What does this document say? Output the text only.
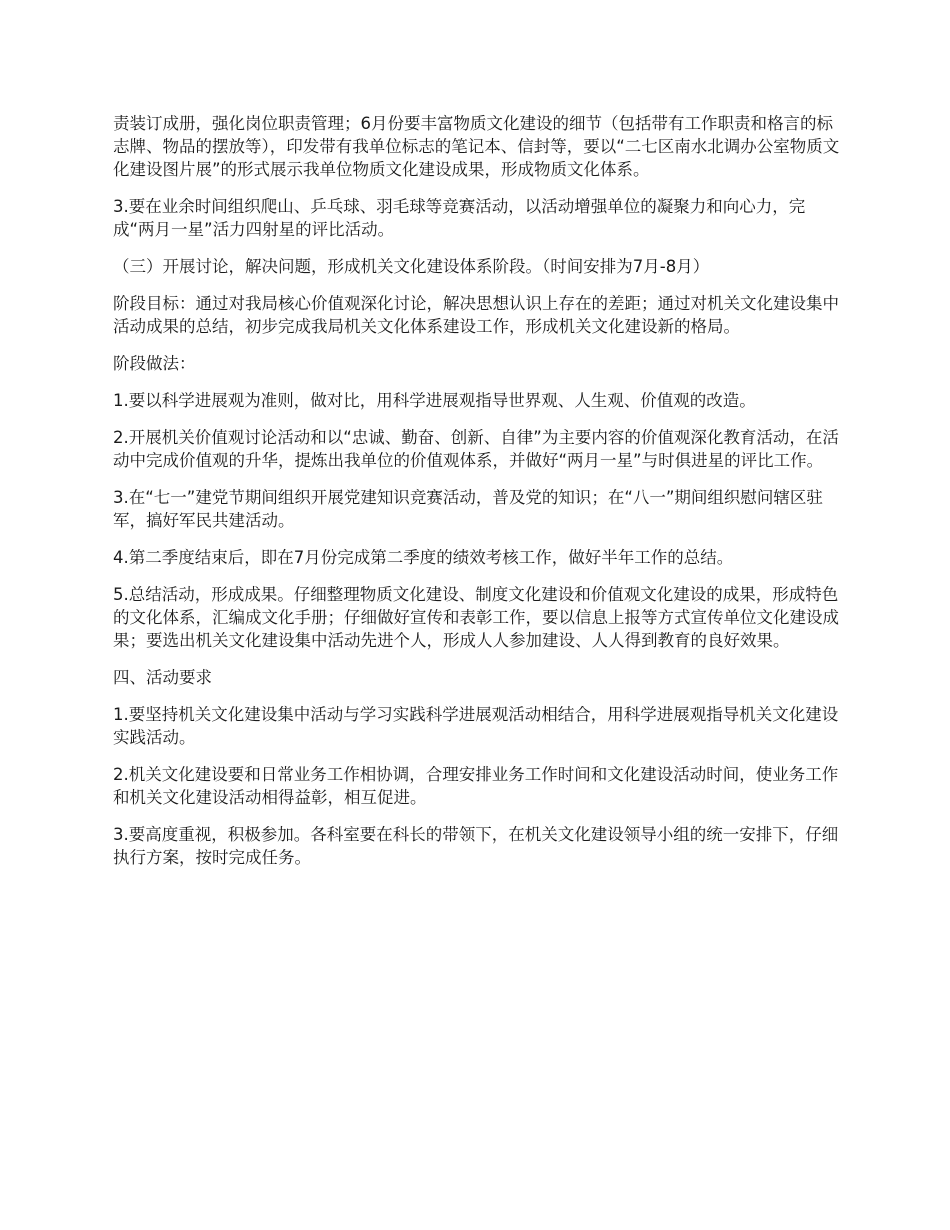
责装订成册，强化岗位职责管理；6月份要丰富物质文化建设的细节（包括带有工作职责和格言的标志牌、物品的摆放等），印发带有我单位标志的笔记本、信封等，要以“二七区南水北调办公室物质文化建设图片展”的形式展示我单位物质文化建设成果，形成物质文化体系。

3.要在业余时间组织爬山、乒乓球、羽毛球等竞赛活动，以活动增强单位的凝聚力和向心力，完成“两月一星”活力四射星的评比活动。

（三）开展讨论，解决问题，形成机关文化建设体系阶段。（时间安排为7月-8月）

阶段目标：通过对我局核心价值观深化讨论，解决思想认识上存在的差距；通过对机关文化建设集中活动成果的总结，初步完成我局机关文化体系建设工作，形成机关文化建设新的格局。

阶段做法：

1.要以科学进展观为准则，做对比，用科学进展观指导世界观、人生观、价值观的改造。

2.开展机关价值观讨论活动和以“忠诚、勤奋、创新、自律”为主要内容的价值观深化教育活动，在活动中完成价值观的升华，提炼出我单位的价值观体系，并做好“两月一星”与时俱进星的评比工作。

3.在“七一”建党节期间组织开展党建知识竞赛活动，普及党的知识；在“八一”期间组织慰问辖区驻军，搞好军民共建活动。

4.第二季度结束后，即在7月份完成第二季度的绩效考核工作，做好半年工作的总结。

5.总结活动，形成成果。仔细整理物质文化建设、制度文化建设和价值观文化建设的成果，形成特色的文化体系，汇编成文化手册；仔细做好宣传和表彰工作，要以信息上报等方式宣传单位文化建设成果；要选出机关文化建设集中活动先进个人，形成人人参加建设、人人得到教育的良好效果。

四、活动要求

1.要坚持机关文化建设集中活动与学习实践科学进展观活动相结合，用科学进展观指导机关文化建设实践活动。

2.机关文化建设要和日常业务工作相协调，合理安排业务工作时间和文化建设活动时间，使业务工作和机关文化建设活动相得益彰，相互促进。

3.要高度重视，积极参加。各科室要在科长的带领下，在机关文化建设领导小组的统一安排下，仔细执行方案，按时完成任务。
